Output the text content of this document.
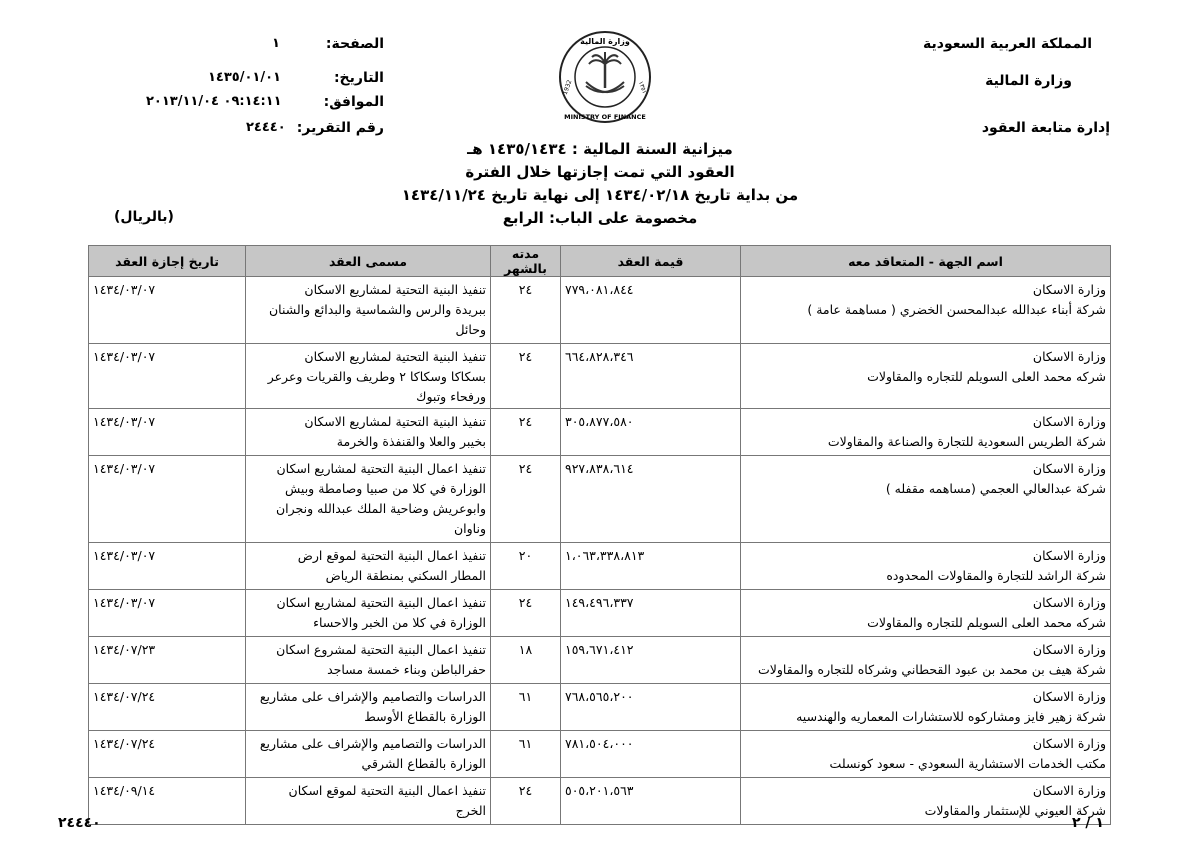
المملكة العربية السعودية
وزارة المالية
إدارة متابعة العقود
وزارة المالية
MINISTRY OF FINANCE
1932	١٣٥١
الصفحة:
١
التاريخ:
١٤٣٥/٠١/٠١
الموافق:
٠٩:١٤:١١ ٢٠١٣/١١/٠٤
رقم التقرير:
٢٤٤٤٠
ميزانية السنة المالية : ١٤٣٥/١٤٣٤ هـ
العقود التي تمت إجازتها خلال الفترة
من بداية تاريخ ١٤٣٤/٠٢/١٨ إلى نهاية تاريخ ١٤٣٤/١١/٢٤
مخصومة على الباب: الرابع
(بالريال)
اسم الجهة - المتعاقد معه	قيمة العقد	مدته بالشهر	مسمى العقد	تاريخ إجازة العقد

وزارة الاسكان
شركة أبناء عبدالله عبدالمحسن الخضري ( مساهمة عامة )	٧٧٩،٠٨١،٨٤٤	٢٤	تنفيذ البنية التحتية لمشاريع الاسكان
ببريدة والرس والشماسية والبدائع والشنان
وحائل	١٤٣٤/٠٣/٠٧

وزارة الاسكان
شركه محمد العلى السويلم للتجاره والمقاولات	٦٦٤،٨٢٨،٣٤٦	٢٤	تنفيذ البنية التحتية لمشاريع الاسكان
بسكاكا وسكاكا ٢ وطريف والقريات وعرعر
ورفحاء وتبوك	١٤٣٤/٠٣/٠٧

وزارة الاسكان
شركة الطريس السعودية للتجارة والصناعة والمقاولات	٣٠٥،٨٧٧،٥٨٠	٢٤	تنفيذ البنية التحتية لمشاريع الاسكان
بخيبر والعلا والقنفذة والخرمة	١٤٣٤/٠٣/٠٧

وزارة الاسكان
شركة عبدالعالي العجمي (مساهمه مقفله )	٩٢٧،٨٣٨،٦١٤	٢٤	تنفيذ اعمال البنية التحتية لمشاريع اسكان
الوزارة في كلا من صبيا وصامطة وبيش
وابوعريش وضاحية الملك عبدالله ونجران
وناوان	١٤٣٤/٠٣/٠٧

وزارة الاسكان
شركة الراشد للتجارة والمقاولات المحدوده	١،٠٦٣،٣٣٨،٨١٣	٢٠	تنفيذ اعمال البنية التحتية لموقع ارض
المطار السكني بمنطقة الرياض	١٤٣٤/٠٣/٠٧

وزارة الاسكان
شركه محمد العلى السويلم للتجاره والمقاولات	١٤٩،٤٩٦،٣٣٧	٢٤	تنفيذ اعمال البنية التحتية لمشاريع اسكان
الوزارة في كلا من الخبر والاحساء	١٤٣٤/٠٣/٠٧

وزارة الاسكان
شركة هيف بن محمد بن عبود القحطاني وشركاه للتجاره والمقاولات	١٥٩،٦٧١،٤١٢	١٨	تنفيذ اعمال البنية التحتية لمشروع اسكان
حفرالباطن وبناء خمسة مساجد	١٤٣٤/٠٧/٢٣

وزارة الاسكان
شركة زهير فايز ومشاركوه للاستشارات المعماريه والهندسيه	٧٦٨،٥٦٥،٢٠٠	٦١	الدراسات والتصاميم والإشراف على مشاريع
الوزارة بالقطاع الأوسط	١٤٣٤/٠٧/٢٤

وزارة الاسكان
مكتب الخدمات الاستشارية السعودي - سعود كونسلت	٧٨١،٥٠٤،٠٠٠	٦١	الدراسات والتصاميم والإشراف على مشاريع
الوزارة بالقطاع الشرقي	١٤٣٤/٠٧/٢٤

وزارة الاسكان
شركة العيوني للإستثمار والمقاولات	٥٠٥،٢٠١،٥٦٣	٢٤	تنفيذ اعمال البنية التحتية لموقع اسكان
الخرج	١٤٣٤/٠٩/١٤
١ / ٢
٢٤٤٤٠
